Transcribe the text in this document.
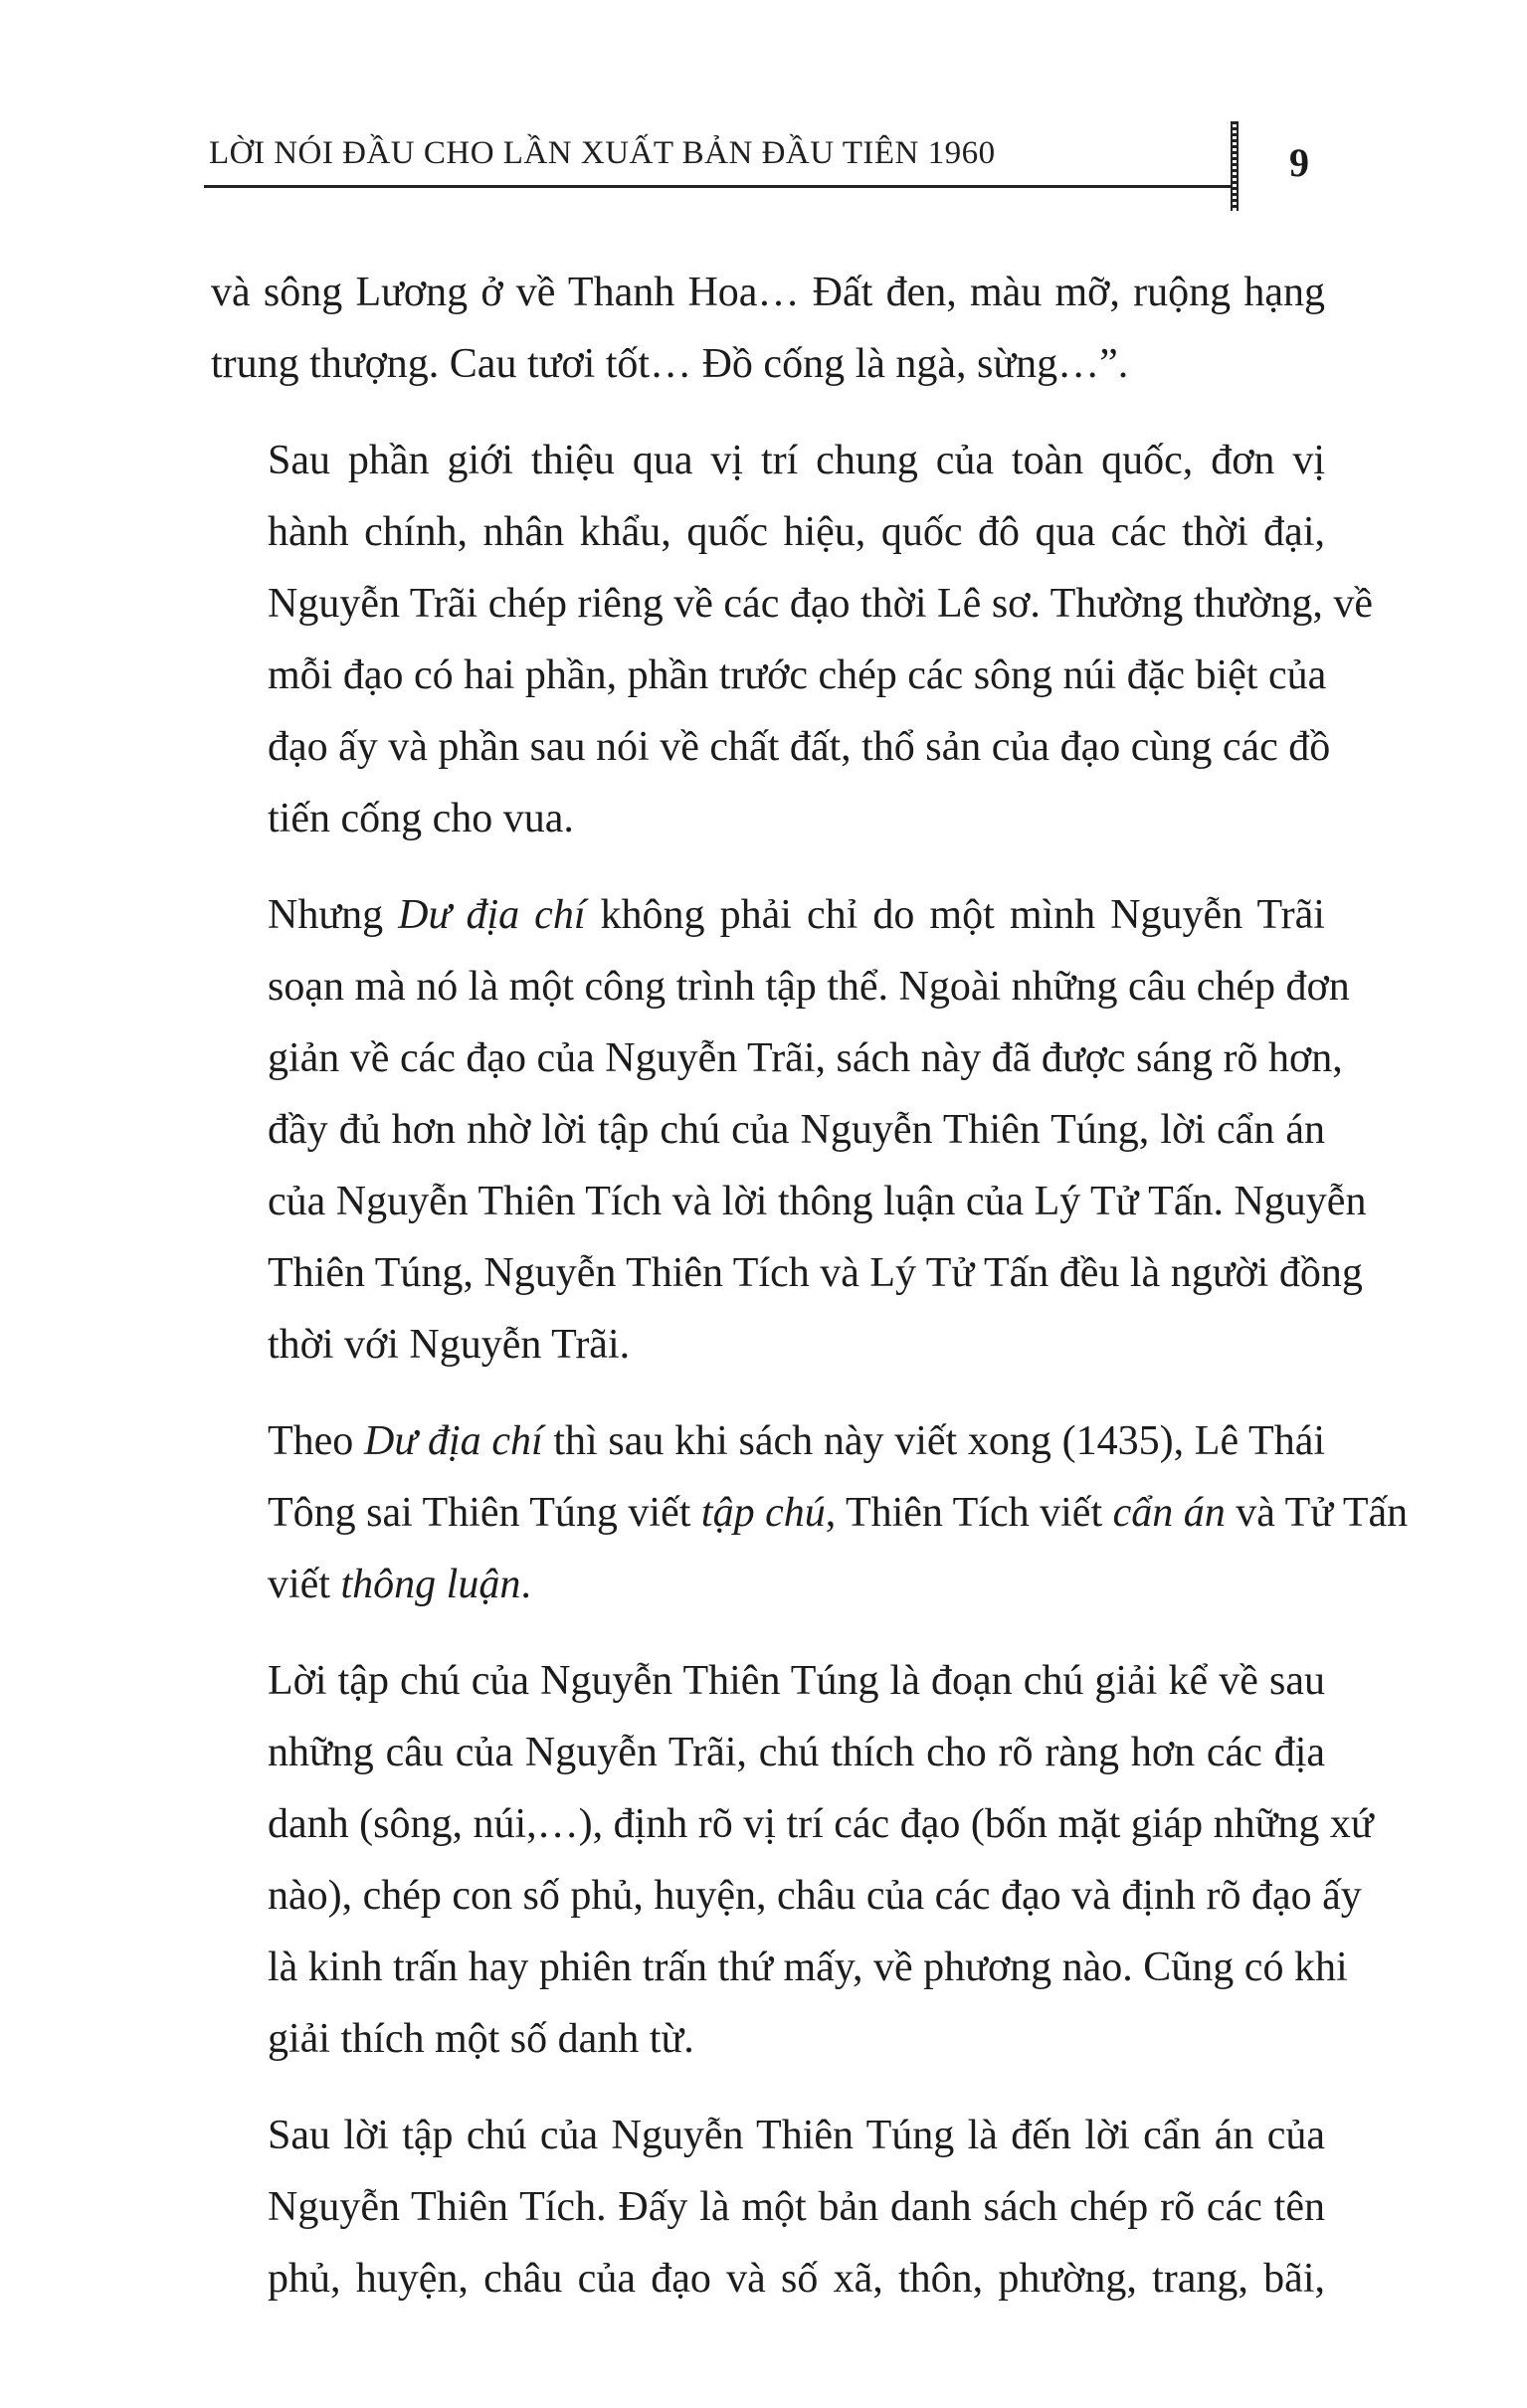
LỜI NÓI ĐẦU CHO LẦN XUẤT BẢN ĐẦU TIÊN 1960	9

và sông Lương ở về Thanh Hoa… Đất đen, màu mỡ, ruộng hạng
trung thượng. Cau tươi tốt… Đồ cống là ngà, sừng…”.

Sau phần giới thiệu qua vị trí chung của toàn quốc, đơn vị
hành chính, nhân khẩu, quốc hiệu, quốc đô qua các thời đại,
Nguyễn Trãi chép riêng về các đạo thời Lê sơ. Thường thường, về
mỗi đạo có hai phần, phần trước chép các sông núi đặc biệt của
đạo ấy và phần sau nói về chất đất, thổ sản của đạo cùng các đồ
tiến cống cho vua.

Nhưng Dư địa chí không phải chỉ do một mình Nguyễn Trãi
soạn mà nó là một công trình tập thể. Ngoài những câu chép đơn
giản về các đạo của Nguyễn Trãi, sách này đã được sáng rõ hơn,
đầy đủ hơn nhờ lời tập chú của Nguyễn Thiên Túng, lời cẩn án
của Nguyễn Thiên Tích và lời thông luận của Lý Tử Tấn. Nguyễn
Thiên Túng, Nguyễn Thiên Tích và Lý Tử Tấn đều là người đồng
thời với Nguyễn Trãi.

Theo Dư địa chí thì sau khi sách này viết xong (1435), Lê Thái
Tông sai Thiên Túng viết tập chú, Thiên Tích viết cẩn án và Tử Tấn
viết thông luận.

Lời tập chú của Nguyễn Thiên Túng là đoạn chú giải kể về sau
những câu của Nguyễn Trãi, chú thích cho rõ ràng hơn các địa
danh (sông, núi,…), định rõ vị trí các đạo (bốn mặt giáp những xứ
nào), chép con số phủ, huyện, châu của các đạo và định rõ đạo ấy
là kinh trấn hay phiên trấn thứ mấy, về phương nào. Cũng có khi
giải thích một số danh từ.

Sau lời tập chú của Nguyễn Thiên Túng là đến lời cẩn án của
Nguyễn Thiên Tích. Đấy là một bản danh sách chép rõ các tên
phủ, huyện, châu của đạo và số xã, thôn, phường, trang, bãi,
